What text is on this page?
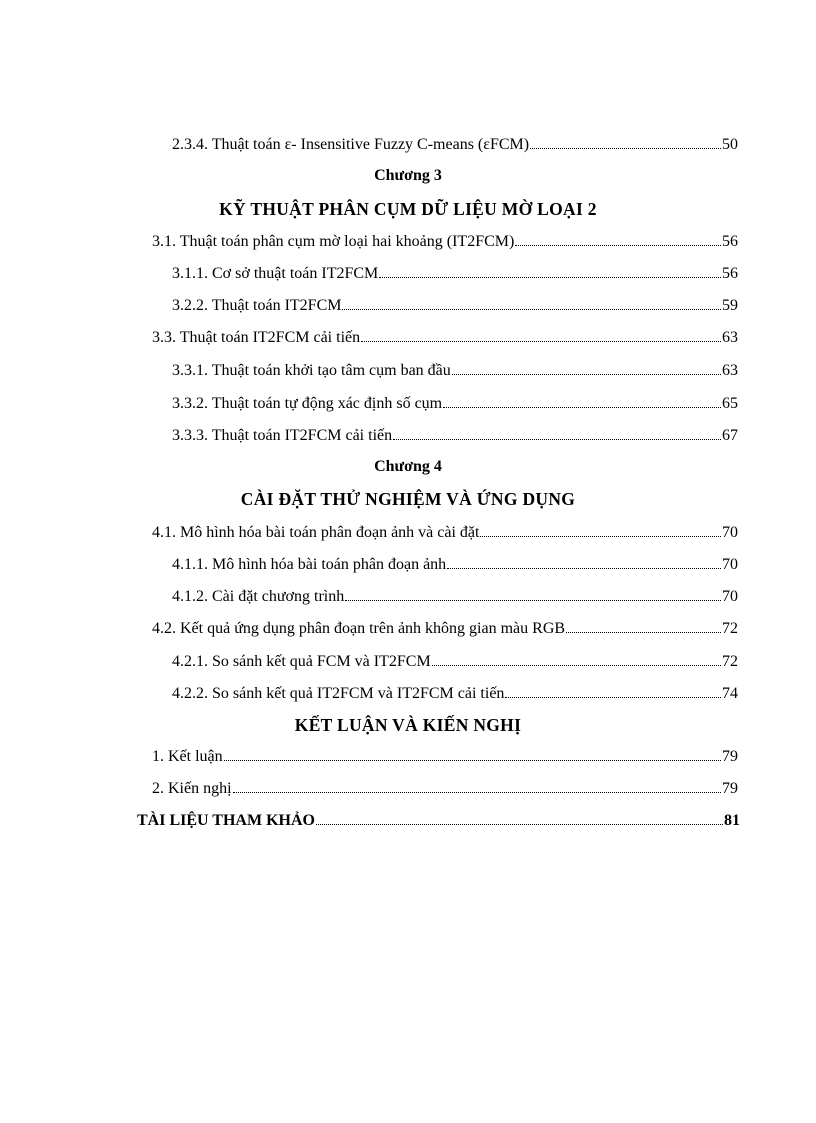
2.3.4. Thuật toán ε- Insensitive Fuzzy C-means (εFCM)	50
Chương 3
KỸ THUẬT PHÂN CỤM DỮ LIỆU MỜ LOẠI 2
3.1. Thuật toán phân cụm mờ loại hai khoảng (IT2FCM)	56
3.1.1. Cơ sở thuật toán IT2FCM	56
3.2.2. Thuật toán IT2FCM	59
3.3. Thuật toán IT2FCM cải tiến	63
3.3.1. Thuật toán khởi tạo tâm cụm ban đầu	63
3.3.2. Thuật toán tự động xác định số cụm	65
3.3.3. Thuật toán IT2FCM cải tiến	67
Chương 4
CÀI ĐẶT THỬ NGHIỆM VÀ ỨNG DỤNG
4.1. Mô hình hóa bài toán phân đoạn ảnh và cài đặt	70
4.1.1. Mô hình hóa bài toán phân đoạn ảnh	70
4.1.2. Cài đặt chương trình	70
4.2. Kết quả ứng dụng phân đoạn trên ảnh không gian màu RGB	72
4.2.1. So sánh kết quả FCM và IT2FCM	72
4.2.2. So sánh kết quả IT2FCM và IT2FCM cải tiến	74
KẾT LUẬN VÀ KIẾN NGHỊ
1. Kết luận	79
2. Kiến nghị	79
TÀI LIỆU THAM KHẢO	81
